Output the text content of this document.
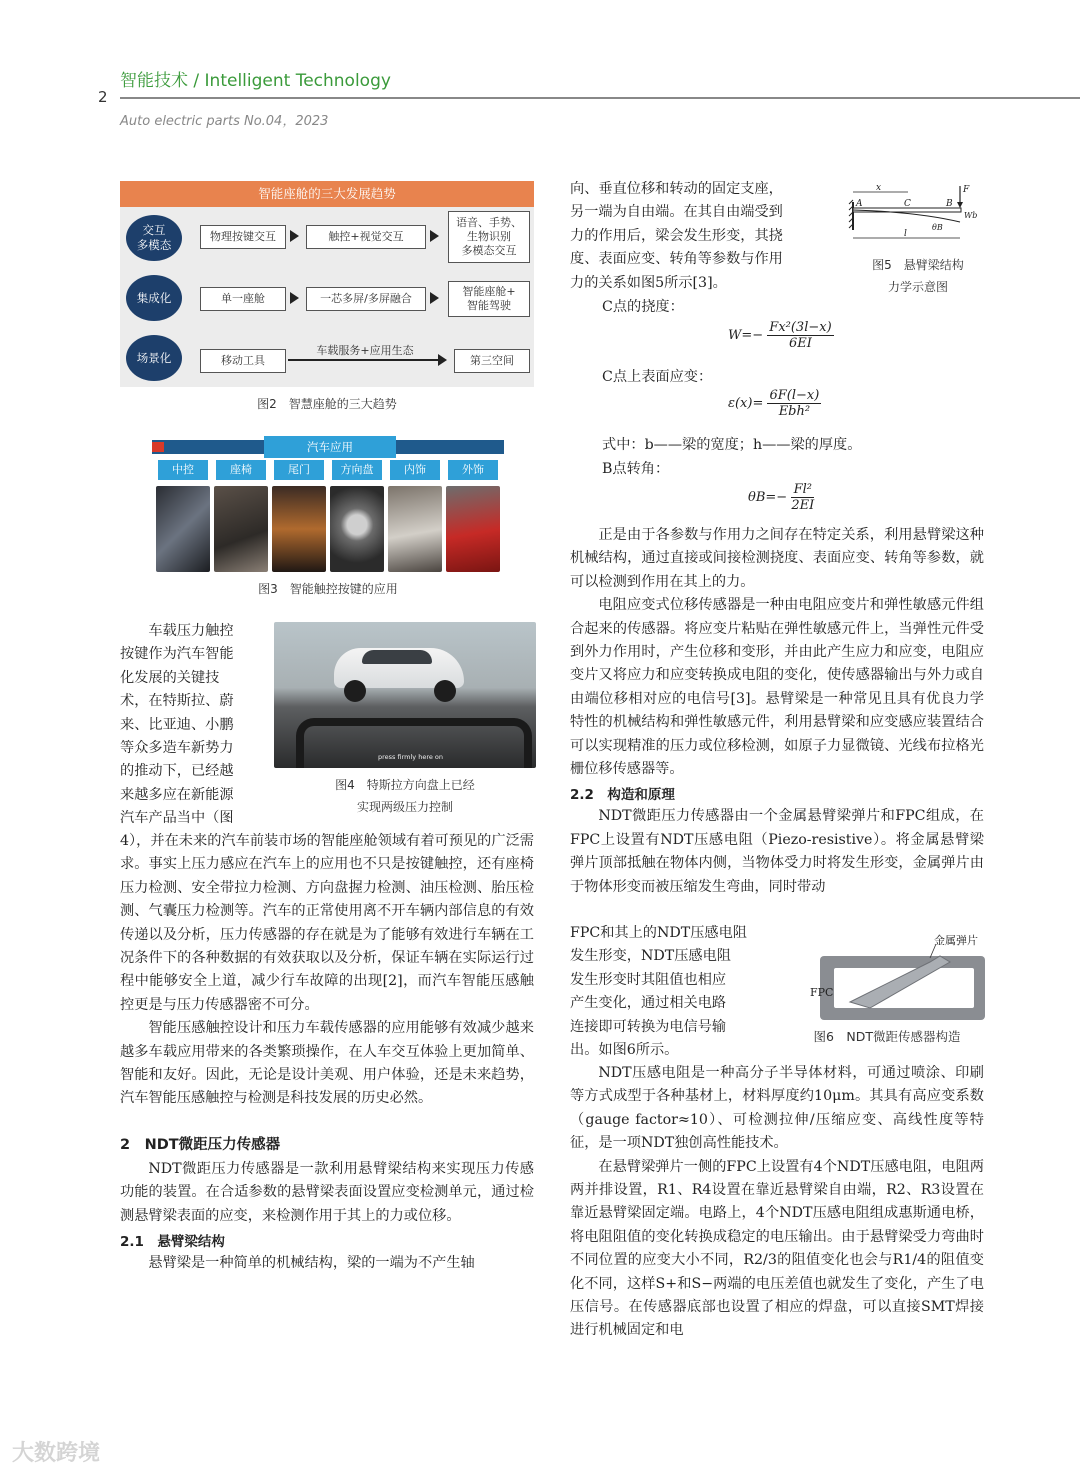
智能技术 / Intelligent Technology
2
Auto electric parts No.04，2023
智能座舱的三大发展趋势
交互
多模态
物理按键交互	触控+视觉交互
语音、手势、
生物识别
多模态交互
集成化	单一座舱	一芯多屏/多屏融合
智能座舱+
智能驾驶
场景化	移动工具
车载服务+应用生态
第三空间
图2　智慧座舱的三大趋势
汽车应用
中控	座椅	尾门	方向盘	内饰	外饰
图3　智能触控按键的应用
车载压力触控
按键作为汽车智能
化发展的关键技
术，在特斯拉、蔚
来、比亚迪、小鹏
等众多造车新势力
的推动下，已经越
来越多应在新能源
汽车产品当中（图
press firmly here on
图4　特斯拉方向盘上已经
实现两级压力控制

4），并在未来的汽车前装市场的智能座舱领域有着可预见的广泛需求。事实上压力感应在汽车上的应用也不只是按键触控，还有座椅压力检测、安全带拉力检测、方向盘握力检测、油压检测、胎压检测、气囊压力检测等。汽车的正常使用离不开车辆内部信息的有效传递以及分析，压力传感器的存在就是为了能够有效进行车辆在工况条件下的各种数据的有效获取以及分析，保证车辆在实际运行过程中能够安全上道，减少行车故障的出现[2]，而汽车智能压感触控更是与压力传感器密不可分。

智能压感触控设计和压力车载传感器的应用能够有效减少越来越多车载应用带来的各类繁琐操作，在人车交互体验上更加简单、智能和友好。因此，无论是设计美观、用户体验，还是未来趋势，汽车智能压感触控与检测是科技发展的历史必然。

2　NDT微距压力传感器

NDT微距压力传感器是一款利用悬臂梁结构来实现压力传感功能的装置。在合适参数的悬臂梁表面设置应变检测单元，通过检测悬臂梁表面的应变，来检测作用于其上的力或位移。

2.1　悬臂梁结构

悬臂梁是一种简单的机械结构，梁的一端为不产生轴

向、垂直位移和转动的固定支座，
另一端为自由端。在其自由端受到
力的作用后，梁会发生形变，其挠
度、表面应变、转角等参数与作用
力的关系如图5所示[3]。
x	F
A	C	B
Wb
θB
l
图5　悬臂梁结构
力学示意图
C点的挠度：
$W=- \frac{\text{Fx²(3l−x)}}{6EI}$
C点上表面应变：
ε(x)=
6F(l−x)
Ebh²
式中：b——梁的宽度；h——梁的厚度。
B点转角：
$\theta B=- \frac{\text{Fl²}}{2EI}$

正是由于各参数与作用力之间存在特定关系，利用悬臂梁这种机械结构，通过直接或间接检测挠度、表面应变、转角等参数，就可以检测到作用在其上的力。

电阻应变式位移传感器是一种由电阻应变片和弹性敏感元件组合起来的传感器。将应变片粘贴在弹性敏感元件上，当弹性元件受到外力作用时，产生位移和变形，并由此产生应力和应变，电阻应变片又将应力和应变转换成电阻的变化，使传感器输出与外力或自由端位移相对应的电信号[3]。悬臂梁是一种常见且具有优良力学特性的机械结构和弹性敏感元件，利用悬臂梁和应变感应装置结合可以实现精准的压力或位移检测，如原子力显微镜、光线布拉格光栅位移传感器等。

2.2　构造和原理

NDT微距压力传感器由一个金属悬臂梁弹片和FPC组成，在FPC上设置有NDT压感电阻（Piezo-resistive）。将金属悬臂梁弹片顶部抵触在物体内侧，当物体受力时将发生形变，金属弹片由于物体形变而被压缩发生弯曲，同时带动

FPC和其上的NDT压感电阻
发生形变，NDT压感电阻
发生形变时其阻值也相应
产生变化，通过相关电路
连接即可转换为电信号输
出。如图6所示。
金属弹片
FPC
图6　NDT微距传感器构造

NDT压感电阻是一种高分子半导体材料，可通过喷涂、印刷等方式成型于各种基材上，材料厚度约10μm。其具有高应变系数（gauge factor≈10）、可检测拉伸/压缩应变、高线性度等特征，是一项NDT独创高性能技术。

在悬臂梁弹片一侧的FPC上设置有4个NDT压感电阻，电阻两两并排设置，R1、R4设置在靠近悬臂梁自由端，R2、R3设置在靠近悬臂梁固定端。电路上，4个NDT压感电阻组成惠斯通电桥，将电阻阻值的变化转换成稳定的电压输出。由于悬臂梁受力弯曲时不同位置的应变大小不同，R2/3的阻值变化也会与R1/4的阻值变化不同，这样S+和S−两端的电压差值也就发生了变化，产生了电压信号。在传感器底部也设置了相应的焊盘，可以直接SMT焊接进行机械固定和电

大数跨境
